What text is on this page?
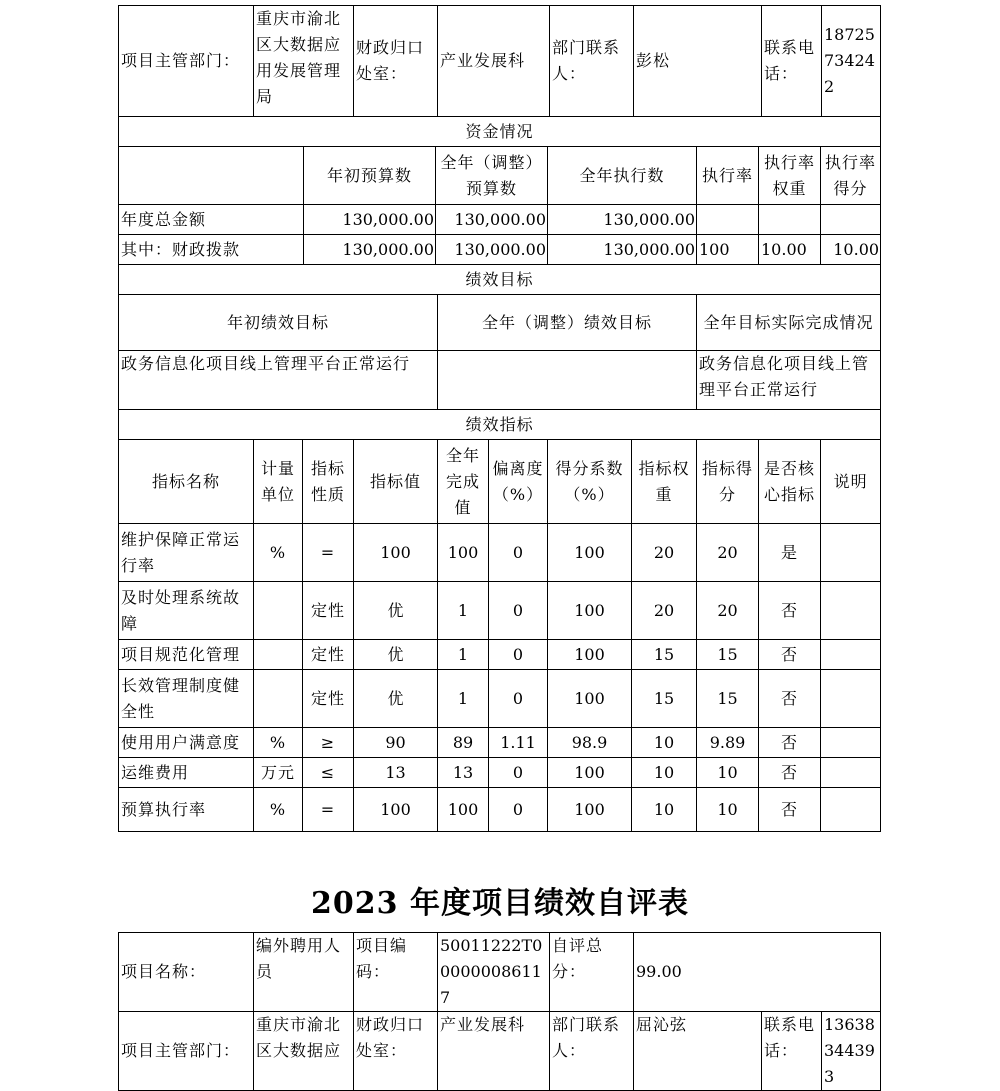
项目主管部门：	重庆市渝北区大数据应用发展管理局	财政归口处室：	产业发展科	部门联系人：	彭松	联系电话：	18725734242
资金情况						
	年初预算数	全年（调整）预算数	全年执行数	执行率	执行率权重	执行率得分
年度总金额	130,000.00	130,000.00	130,000.00			
其中：财政拨款	130,000.00	130,000.00	130,000.00	100	10.00	10.00
绩效目标		
年初绩效目标	全年（调整）绩效目标	全年目标实际完成情况
政务信息化项目线上管理平台正常运行		政务信息化项目线上管理平台正常运行
绩效指标										
指标名称	计量单位	指标性质	指标值	全年完成值	偏离度（%）	得分系数（%）	指标权重	指标得分	是否核心指标	说明
维护保障正常运行率	%	=	100	100	0	100	20	20	是	
及时处理系统故障		定性	优	1	0	100	20	20	否	
项目规范化管理		定性	优	1	0	100	15	15	否	
长效管理制度健全性		定性	优	1	0	100	15	15	否	
使用用户满意度	%	≥	90	89	1.11	98.9	10	9.89	否	
运维费用	万元	≤	13	13	0	100	10	10	否	
预算执行率	%	=	100	100	0	100	10	10	否	
2023 年度项目绩效自评表
项目名称：	编外聘用人员	项目编码：	50011222T000000086117	自评总分：	99.00		
项目主管部门：	重庆市渝北区大数据应	财政归口处室：	产业发展科	部门联系人：	屈沁弦	联系电话：	13638344393
